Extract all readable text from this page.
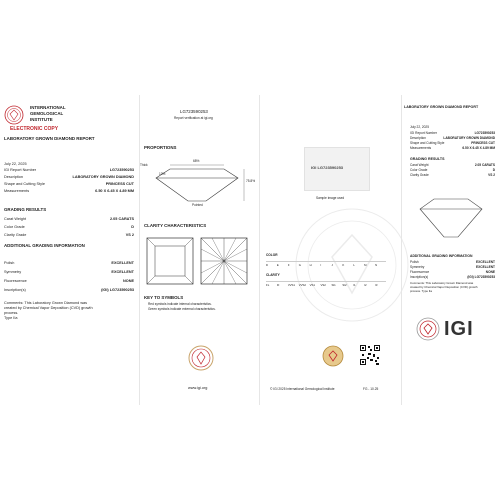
INTERNATIONAL
GEMOLOGICAL
INSTITUTE
ELECTRONIC COPY
LABORATORY GROWN DIAMOND REPORT
July 22, 2025
IGI Report Number	LG723590253
Description	LABORATORY GROWN DIAMOND
Shape and Cutting Style	PRINCESS CUT
Measurements	6.50 X 6.45 X 4.89 MM
GRADING RESULTS
Carat Weight	2.05 CARATS
Color Grade	D
Clarity Grade	VS 2
ADDITIONAL GRADING INFORMATION
Polish	EXCELLENT
Symmetry	EXCELLENT
Fluorescence	NONE
Inscription(s)	(IGI) LG723590253
Comments: This Laboratory Grown Diamond was
created by Chemical Vapor Deposition (CVD) growth
process.
Type IIa
LG723590253
Report verification at igi.org
PROPORTIONS
68%
13%
75.8%
Thick
Pointed
CLARITY CHARACTERISTICS
KEY TO SYMBOLS
Red symbols indicate internal characteristics.
Green symbols indicate external characteristics.
www.igi.org
IGI LG723590253
Sample image used
COLOR
D	E	F	G	H	I	J	K	L	M	N
CLARITY
FL	IF	VVS1 VVS2 VS1 VS2 SI1 SI2 I1	I2	I3
© IGI 2025 International Gemological Institute	FG - 10.25
LABORATORY GROWN DIAMOND REPORT
July 22, 2025
IGI Report Number	LG723590253
Description	LABORATORY GROWN DIAMOND
Shape and Cutting Style	PRINCESS CUT
Measurements	6.50 X 6.45 X 4.89 MM
GRADING RESULTS
Carat Weight	2.05 CARATS
Color Grade	D
Clarity Grade	VS 2
ADDITIONAL GRADING INFORMATION
Polish	EXCELLENT
Symmetry	EXCELLENT
Fluorescence	NONE
Inscription(s)	(IGI) LG723590253
Comments: This Laboratory Grown Diamond was
created by Chemical Vapor Deposition (CVD) growth
process. Type IIa
IGI
